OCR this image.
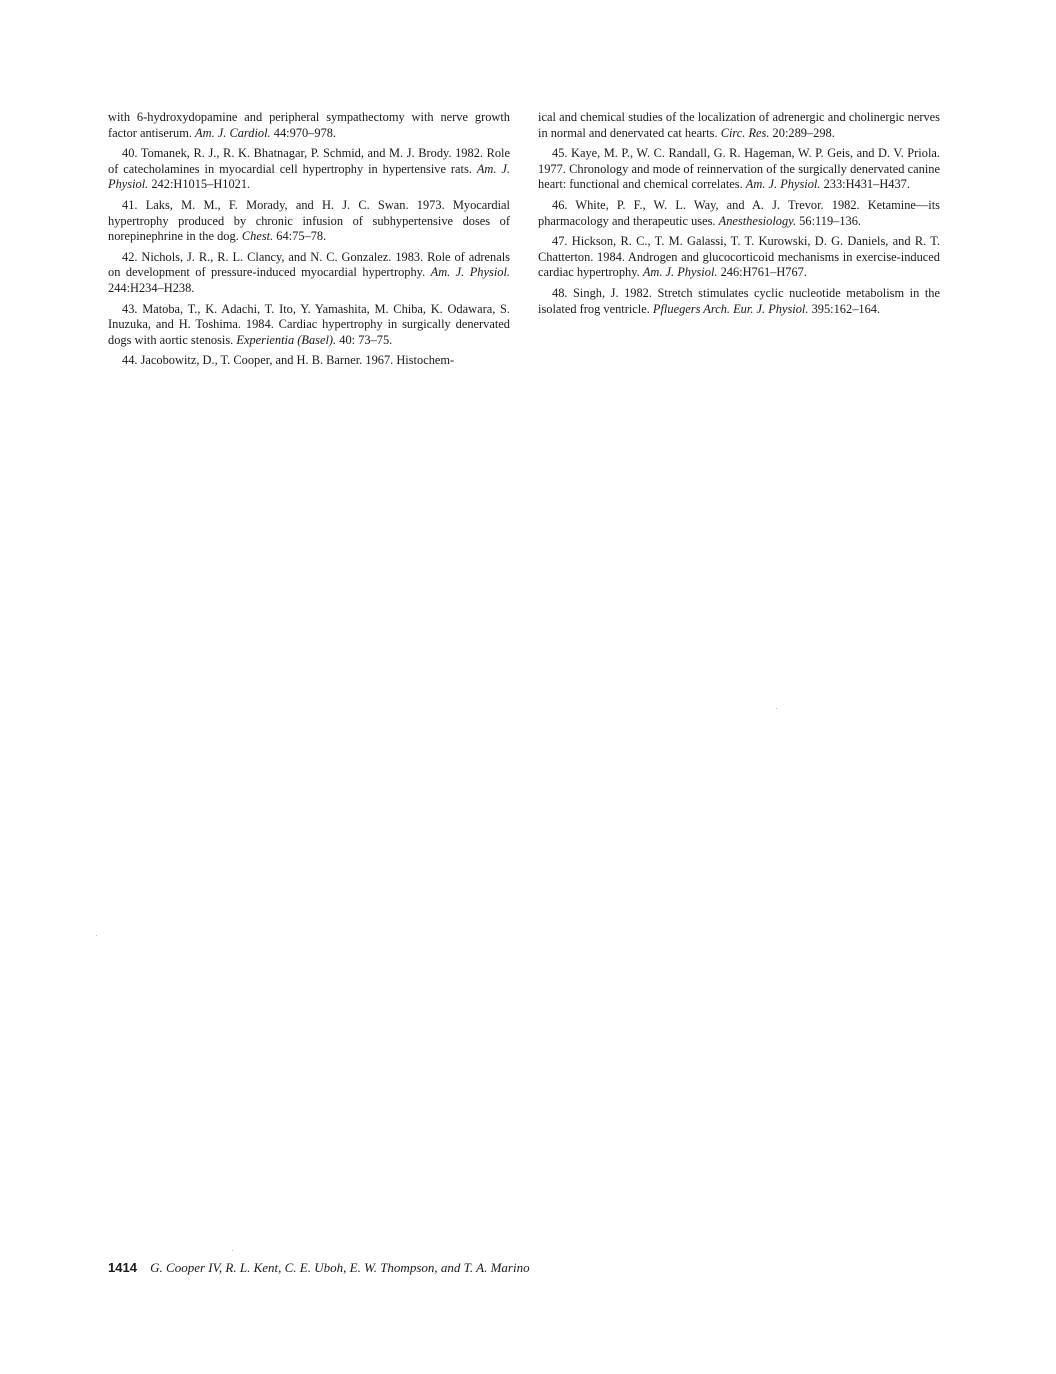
with 6-hydroxydopamine and peripheral sympathectomy with nerve growth factor antiserum. Am. J. Cardiol. 44:970–978.

40. Tomanek, R. J., R. K. Bhatnagar, P. Schmid, and M. J. Brody. 1982. Role of catecholamines in myocardial cell hypertrophy in hypertensive rats. Am. J. Physiol. 242:H1015–H1021.

41. Laks, M. M., F. Morady, and H. J. C. Swan. 1973. Myocardial hypertrophy produced by chronic infusion of subhypertensive doses of norepinephrine in the dog. Chest. 64:75–78.

42. Nichols, J. R., R. L. Clancy, and N. C. Gonzalez. 1983. Role of adrenals on development of pressure-induced myocardial hypertrophy. Am. J. Physiol. 244:H234–H238.

43. Matoba, T., K. Adachi, T. Ito, Y. Yamashita, M. Chiba, K. Odawara, S. Inuzuka, and H. Toshima. 1984. Cardiac hypertrophy in surgically denervated dogs with aortic stenosis. Experientia (Basel). 40: 73–75.

44. Jacobowitz, D., T. Cooper, and H. B. Barner. 1967. Histochem-

ical and chemical studies of the localization of adrenergic and cholinergic nerves in normal and denervated cat hearts. Circ. Res. 20:289–298.

45. Kaye, M. P., W. C. Randall, G. R. Hageman, W. P. Geis, and D. V. Priola. 1977. Chronology and mode of reinnervation of the surgically denervated canine heart: functional and chemical correlates. Am. J. Physiol. 233:H431–H437.

46. White, P. F., W. L. Way, and A. J. Trevor. 1982. Ketamine—its pharmacology and therapeutic uses. Anesthesiology. 56:119–136.

47. Hickson, R. C., T. M. Galassi, T. T. Kurowski, D. G. Daniels, and R. T. Chatterton. 1984. Androgen and glucocorticoid mechanisms in exercise-induced cardiac hypertrophy. Am. J. Physiol. 246:H761–H767.

48. Singh, J. 1982. Stretch stimulates cyclic nucleotide metabolism in the isolated frog ventricle. Pfluegers Arch. Eur. J. Physiol. 395:162–164.

1414 G. Cooper IV, R. L. Kent, C. E. Uboh, E. W. Thompson, and T. A. Marino
